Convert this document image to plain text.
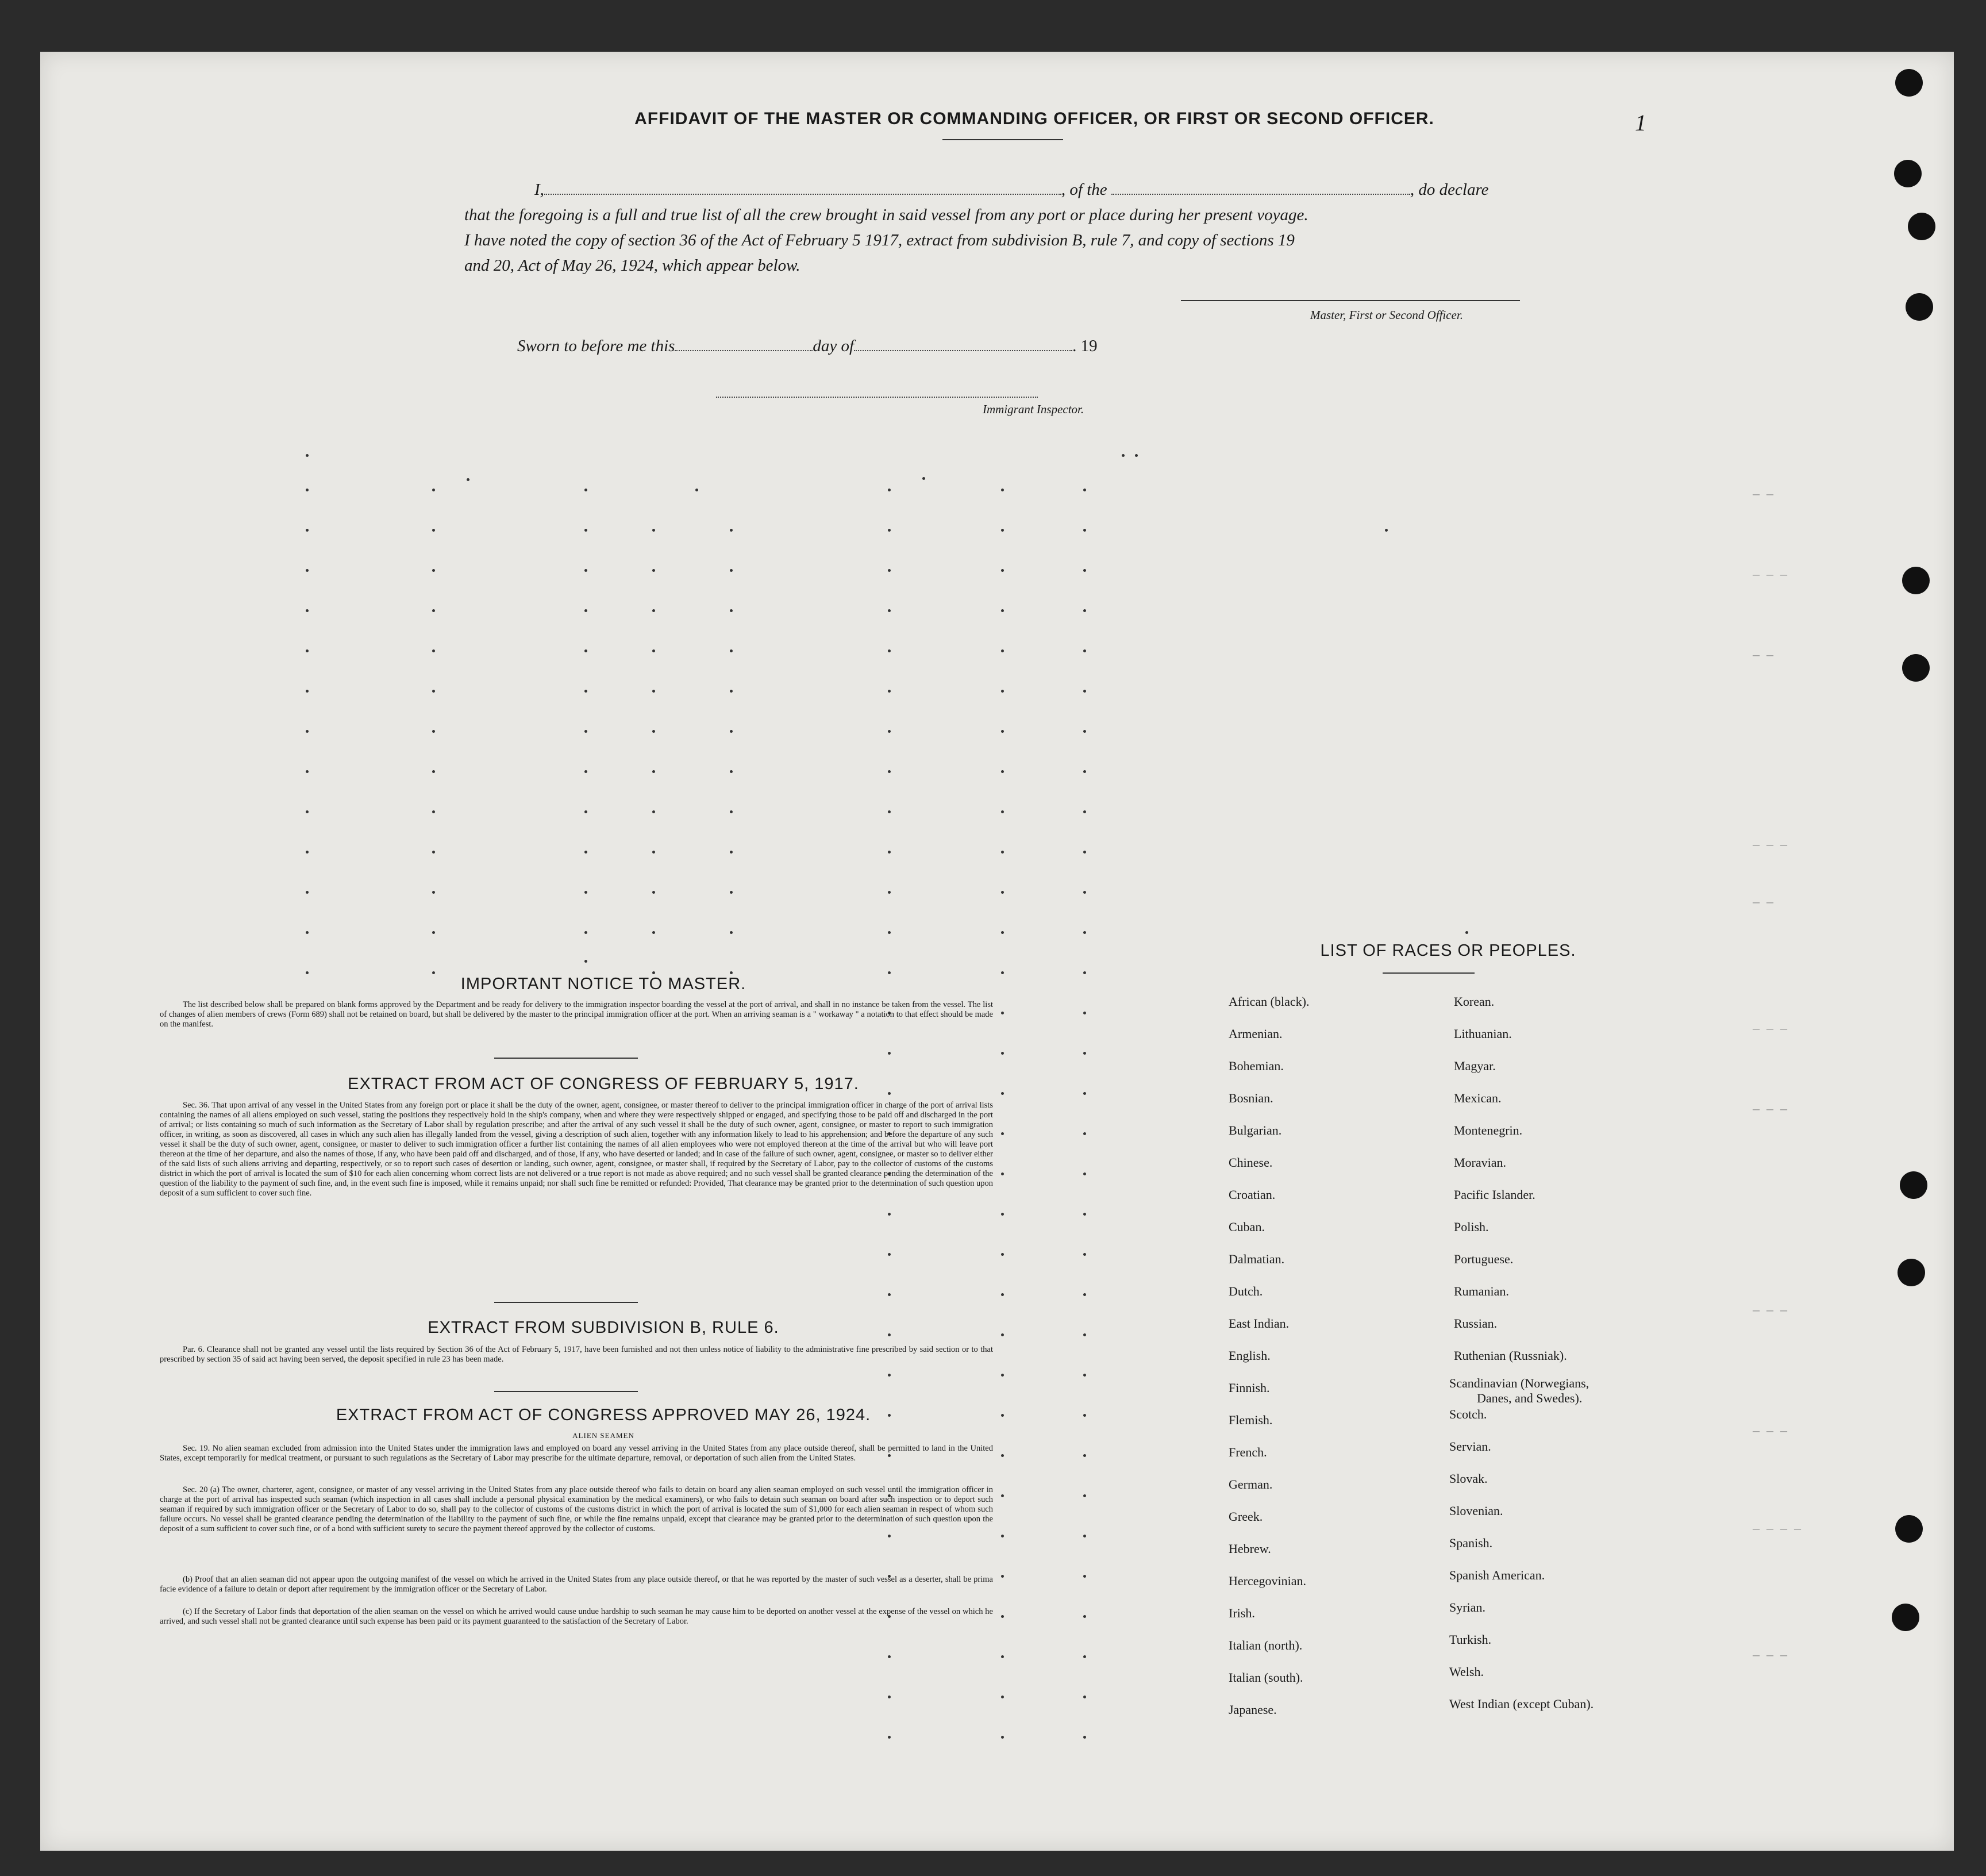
1
AFFIDAVIT OF THE MASTER OR COMMANDING OFFICER, OR FIRST OR SECOND OFFICER.
I,	, of the	, do declare
that the foregoing is a full and true list of all the crew brought in said vessel from any port or place during her present voyage.
I have noted the copy of section 36 of the Act of February 5 1917, extract from subdivision B, rule 7, and copy of sections 19
and 20, Act of May 26, 1924, which appear below.
Master, First or Second Officer.
Sworn to before me this	day of	. 19
Immigrant Inspector.
— —
— — —
— —
— — —
— —
— — —
— — —
— — —
— — —
— — — —
— — —
IMPORTANT NOTICE TO MASTER.
The list described below shall be prepared on blank forms approved by the Department and be ready for delivery to the immigration inspector boarding the vessel at the port of arrival, and shall in no instance be taken from the vessel. The list of changes of alien members of crews (Form 689) shall not be retained on board, but shall be delivered by the master to the principal immigration officer at the port. When an arriving seaman is a " workaway " a notation to that effect should be made on the manifest.
EXTRACT FROM ACT OF CONGRESS OF FEBRUARY 5, 1917.
Sec. 36. That upon arrival of any vessel in the United States from any foreign port or place it shall be the duty of the owner, agent, consignee, or master thereof to deliver to the principal immigration officer in charge of the port of arrival lists containing the names of all aliens employed on such vessel, stating the positions they respectively hold in the ship's company, when and where they were respectively shipped or engaged, and specifying those to be paid off and discharged in the port of arrival; or lists containing so much of such information as the Secretary of Labor shall by regulation prescribe; and after the arrival of any such vessel it shall be the duty of such owner, agent, consignee, or master to report to such immigration officer, in writing, as soon as discovered, all cases in which any such alien has illegally landed from the vessel, giving a description of such alien, together with any information likely to lead to his apprehension; and before the departure of any such vessel it shall be the duty of such owner, agent, consignee, or master to deliver to such immigration officer a further list containing the names of all alien employees who were not employed thereon at the time of the arrival but who will leave port thereon at the time of her departure, and also the names of those, if any, who have been paid off and discharged, and of those, if any, who have deserted or landed; and in case of the failure of such owner, agent, consignee, or master so to deliver either of the said lists of such aliens arriving and departing, respectively, or so to report such cases of desertion or landing, such owner, agent, consignee, or master shall, if required by the Secretary of Labor, pay to the collector of customs of the customs district in which the port of arrival is located the sum of $10 for each alien concerning whom correct lists are not delivered or a true report is not made as above required; and no such vessel shall be granted clearance pending the determination of the question of the liability to the payment of such fine, and, in the event such fine is imposed, while it remains unpaid; nor shall such fine be remitted or refunded: Provided, That clearance may be granted prior to the determination of such question upon deposit of a sum sufficient to cover such fine.
EXTRACT FROM SUBDIVISION B, RULE 6.
Par. 6. Clearance shall not be granted any vessel until the lists required by Section 36 of the Act of February 5, 1917, have been furnished and not then unless notice of liability to the administrative fine prescribed by said section or to that prescribed by section 35 of said act having been served, the deposit specified in rule 23 has been made.
EXTRACT FROM ACT OF CONGRESS APPROVED MAY 26, 1924.
ALIEN SEAMEN
Sec. 19. No alien seaman excluded from admission into the United States under the immigration laws and employed on board any vessel arriving in the United States from any place outside thereof, shall be permitted to land in the United States, except temporarily for medical treatment, or pursuant to such regulations as the Secretary of Labor may prescribe for the ultimate departure, removal, or deportation of such alien from the United States.
Sec. 20 (a) The owner, charterer, agent, consignee, or master of any vessel arriving in the United States from any place outside thereof who fails to detain on board any alien seaman employed on such vessel until the immigration officer in charge at the port of arrival has inspected such seaman (which inspection in all cases shall include a personal physical examination by the medical examiners), or who fails to detain such seaman on board after such inspection or to deport such seaman if required by such immigration officer or the Secretary of Labor to do so, shall pay to the collector of customs of the customs district in which the port of arrival is located the sum of $1,000 for each alien seaman in respect of whom such failure occurs. No vessel shall be granted clearance pending the determination of the liability to the payment of such fine, or while the fine remains unpaid, except that clearance may be granted prior to the determination of such question upon the deposit of a sum sufficient to cover such fine, or of a bond with sufficient surety to secure the payment thereof approved by the collector of customs.
(b) Proof that an alien seaman did not appear upon the outgoing manifest of the vessel on which he arrived in the United States from any place outside thereof, or that he was reported by the master of such vessel as a deserter, shall be prima facie evidence of a failure to detain or deport after requirement by the immigration officer or the Secretary of Labor.
(c) If the Secretary of Labor finds that deportation of the alien seaman on the vessel on which he arrived would cause undue hardship to such seaman he may cause him to be deported on another vessel at the expense of the vessel on which he arrived, and such vessel shall not be granted clearance until such expense has been paid or its payment guaranteed to the satisfaction of the Secretary of Labor.
LIST OF RACES OR PEOPLES.
African (black).
Armenian.
Bohemian.
Bosnian.
Bulgarian.
Chinese.
Croatian.
Cuban.
Dalmatian.
Dutch.
East Indian.
English.
Finnish.
Flemish.
French.
German.
Greek.
Hebrew.
Hercegovinian.
Irish.
Italian (north).
Italian (south).
Japanese.
Korean.
Lithuanian.
Magyar.
Mexican.
Montenegrin.
Moravian.
Pacific Islander.
Polish.
Portuguese.
Rumanian.
Russian.
Ruthenian (Russniak).
Scandinavian (Norwegians,
Danes, and Swedes).
Scotch.
Servian.
Slovak.
Slovenian.
Spanish.
Spanish American.
Syrian.
Turkish.
Welsh.
West Indian (except Cuban).
